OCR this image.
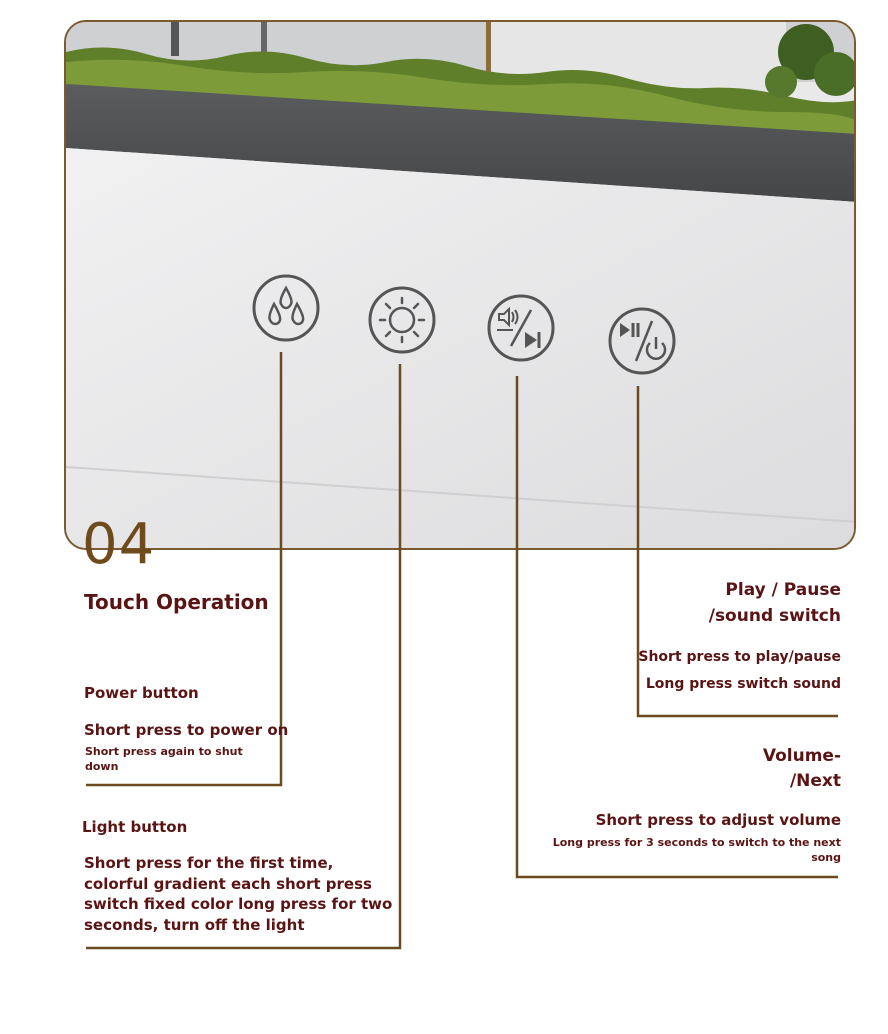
04
Touch Operation
Power button
Short press to power on
Short press again to shut down
Light button
Short press for the first time, colorful gradient each short press switch fixed color long press for two seconds, turn off the light
Play / Pause
/sound switch
Short press to play/pause
Long press switch sound
Volume-
/Next
Short press to adjust volume
Long press for 3 seconds to switch to the next song
